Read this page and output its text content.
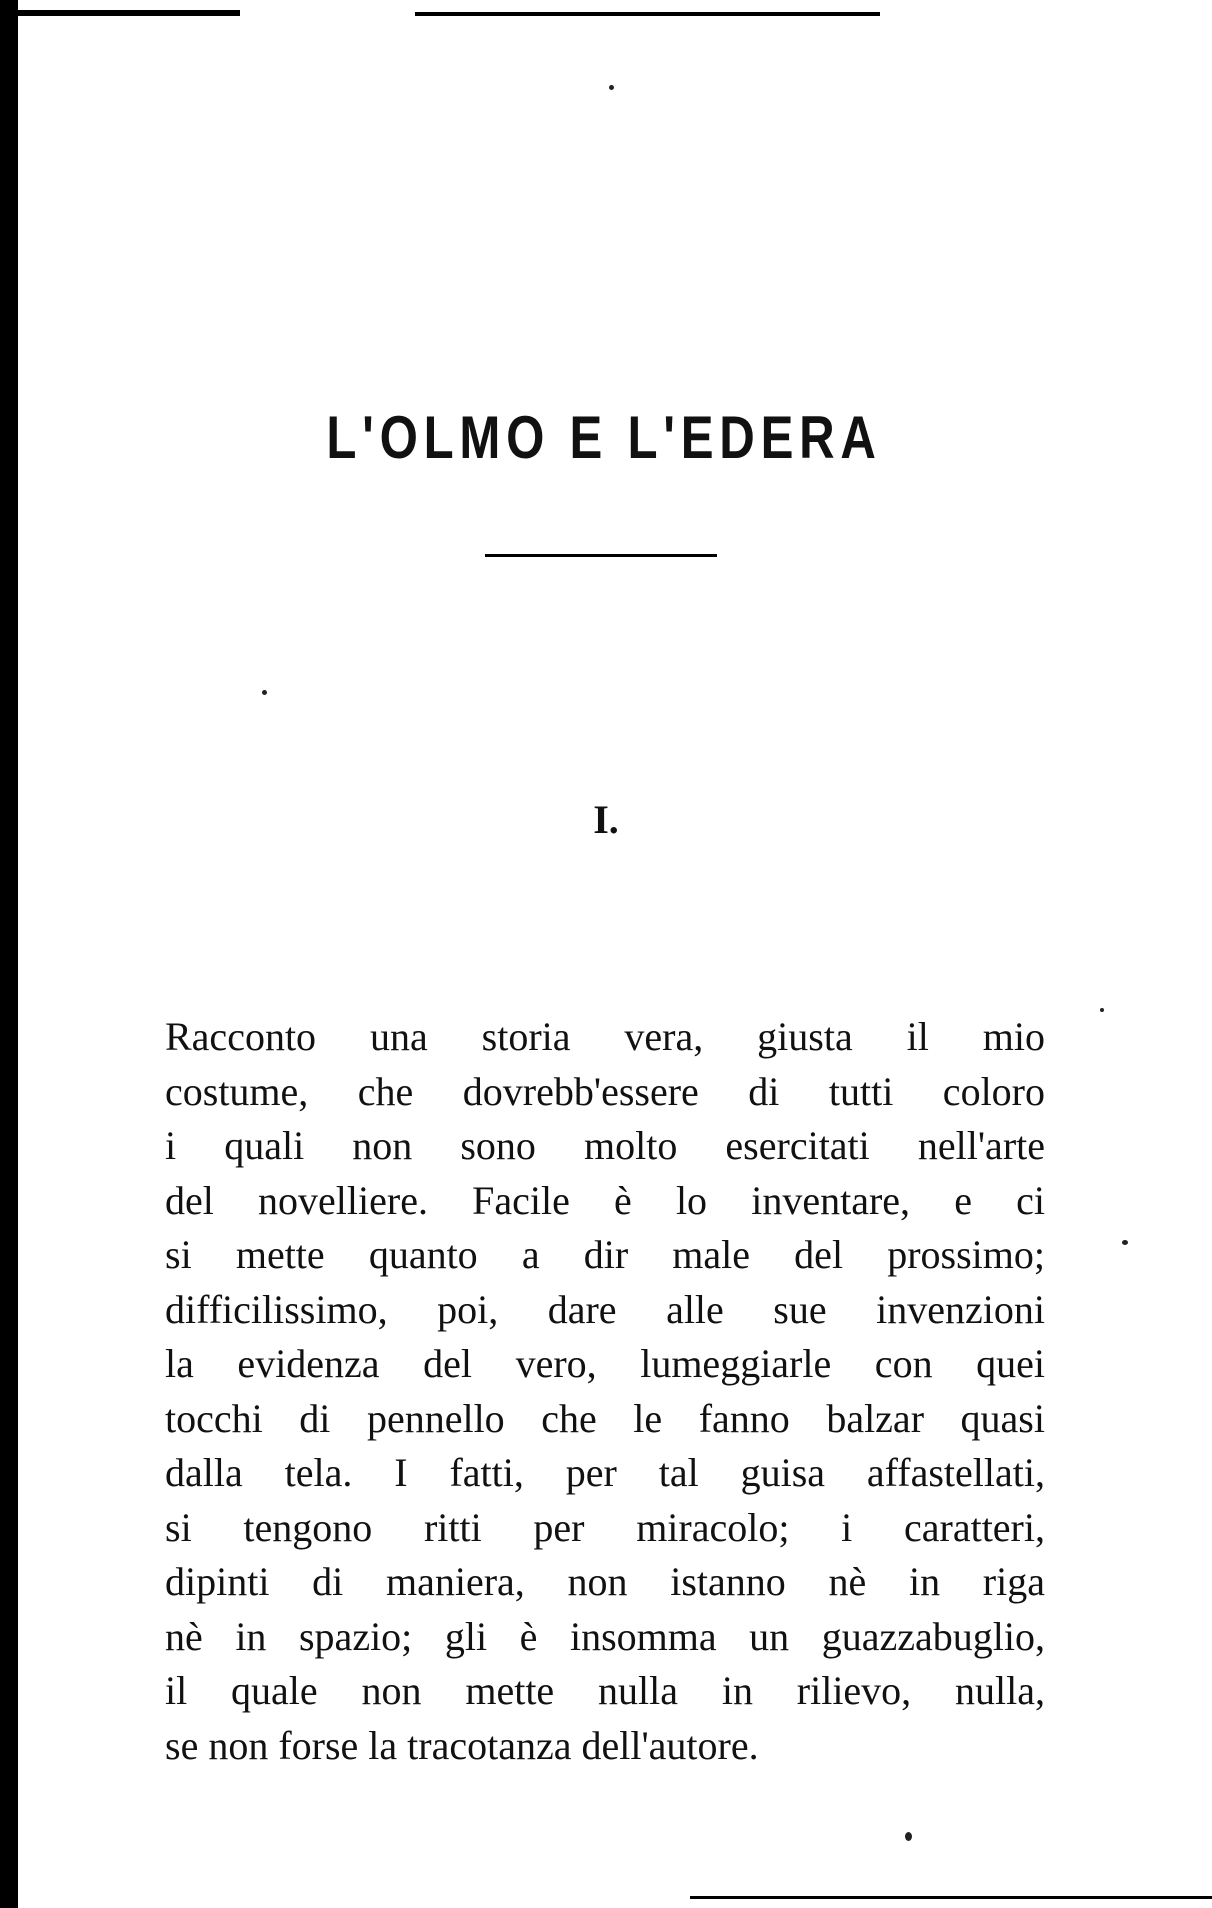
L'OLMO E L'EDERA
I.

Racconto una storia vera, giusta il mio
costume, che dovrebb'essere di tutti coloro
i quali non sono molto esercitati nell'arte
del novelliere. Facile è lo inventare, e ci
si mette quanto a dir male del prossimo;
difficilissimo, poi, dare alle sue invenzioni
la evidenza del vero, lumeggiarle con quei
tocchi di pennello che le fanno balzar quasi
dalla tela. I fatti, per tal guisa affastellati,
si tengono ritti per miracolo; i caratteri,
dipinti di maniera, non istanno nè in riga
nè in spazio; gli è insomma un guazzabuglio,
il quale non mette nulla in rilievo, nulla,
se non forse la tracotanza dell'autore.
